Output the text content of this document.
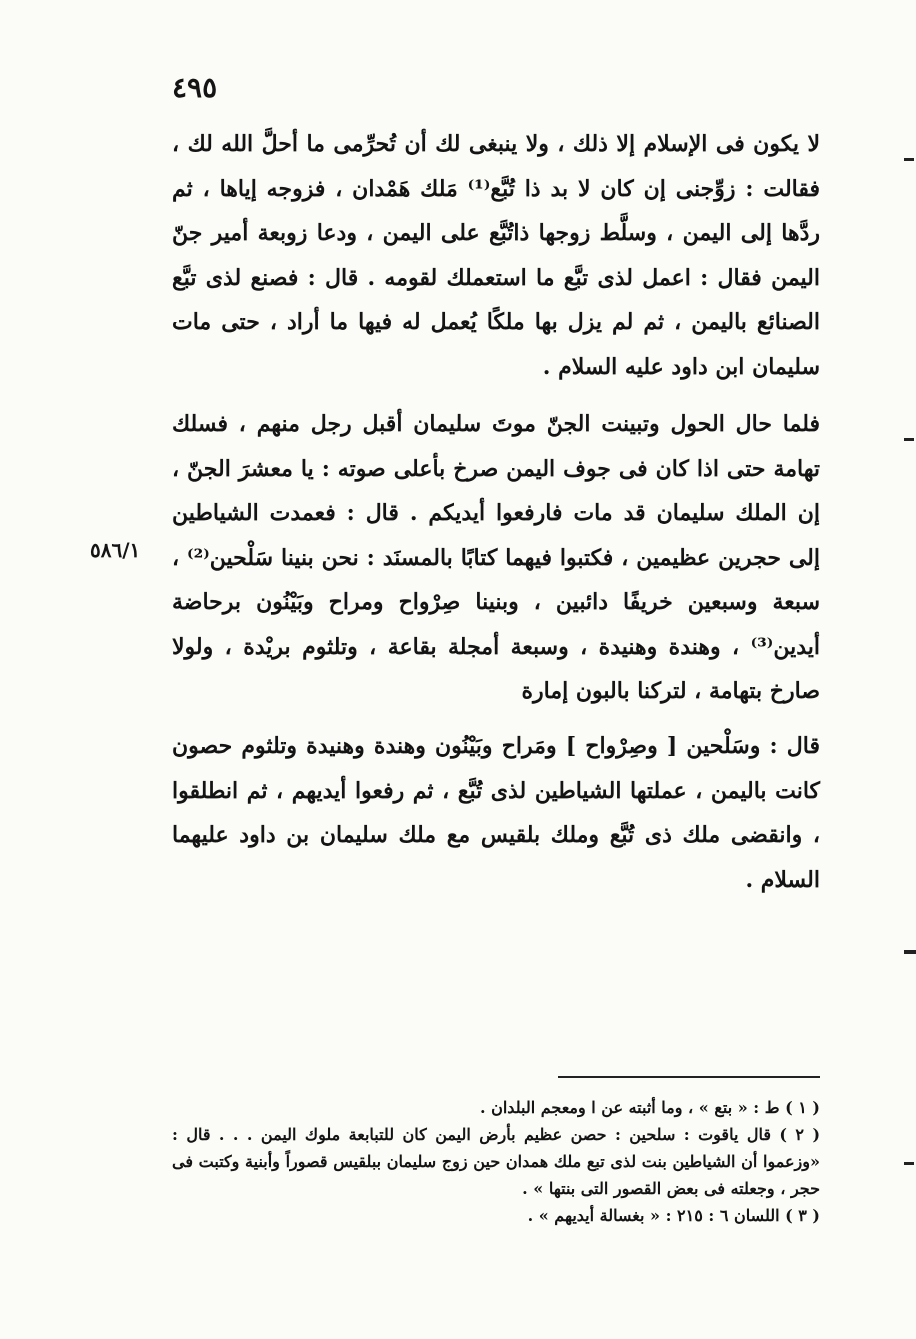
٤٩٥

لا يكون فى الإسلام إلا ذلك ، ولا ينبغى لك أن تُحرِّمى ما أحلَّ الله لك ، فقالت : زوِّجنى إن كان لا بد ذا تُبَّع⁽¹⁾ مَلك هَمْدان ، فزوجه إياها ، ثم ردَّها إلى اليمن ، وسلَّط زوجها ذاتُبَّع على اليمن ، ودعا زوبعة أمير جنّ اليمن فقال : اعمل لذى تبَّع ما استعملك لقومه . قال : فصنع لذى تبَّع الصنائع باليمن ، ثم لم يزل بها ملكًا يُعمل له فيها ما أراد ، حتى مات سليمان ابن داود عليه السلام .

فلما حال الحول وتبينت الجنّ موتَ سليمان أقبل رجل منهم ، فسلك تهامة حتى اذا كان فى جوف اليمن صرخ بأعلى صوته : يا معشرَ الجنّ ، إن الملك سليمان قد مات فارفعوا أيديكم . قال : فعمدت الشياطين إلى حجرين عظيمين ، فكتبوا فيهما كتابًا بالمسنَد : نحن بنينا سَلْحين⁽²⁾ ، سبعة وسبعين خريفًا دائبين ، وبنينا صِرْواح ومراح وبَيْنُون برحاضة أيدين⁽³⁾ ، وهندة وهنيدة ، وسبعة أمجلة بقاعة ، وتلثوم بريْدة ، ولولا صارخ بتهامة ، لتركنا بالبون إمارة

٥٨٦/١

قال : وسَلْحين [ وصِرْواح ] ومَراح وبَيْنُون وهندة وهنيدة وتلثوم حصون كانت باليمن ، عملتها الشياطين لذى تُبَّع ، ثم رفعوا أيديهم ، ثم انطلقوا ، وانقضى ملك ذى تُبَّع وملك بلقيس مع ملك سليمان بن داود عليهما السلام .

( ١ ) ط : « بتع » ، وما أثبته عن ا ومعجم البلدان .

( ٢ ) قال ياقوت : سلحين : حصن عظيم بأرض اليمن كان للتبابعة ملوك اليمن . . . قال : «وزعموا أن الشياطين بنت لذى تبع ملك همدان حين زوج سليمان ببلقيس قصوراً وأبنية وكتبت فى حجر ، وجعلته فى بعض القصور التى بنتها » .

( ٣ ) اللسان ٦ : ٢١٥ : « بغسالة أيديهم » .
